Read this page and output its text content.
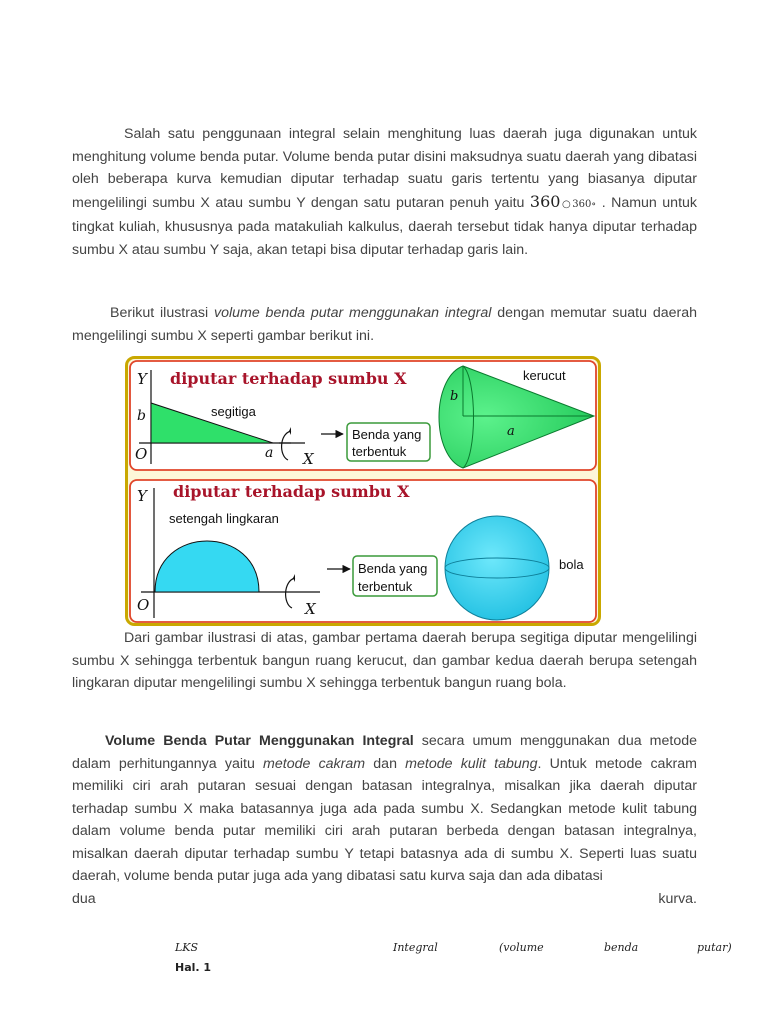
Salah satu penggunaan integral selain menghitung luas daerah juga digunakan untuk menghitung volume benda putar. Volume benda putar disini maksudnya suatu daerah yang dibatasi oleh beberapa kurva kemudian diputar terhadap suatu garis tertentu yang biasanya diputar mengelilingi sumbu X atau sumbu Y dengan satu putaran penuh yaitu 360○360∘ . Namun untuk tingkat kuliah, khususnya pada matakuliah kalkulus, daerah tersebut tidak hanya diputar terhadap sumbu X atau sumbu Y saja, akan tetapi bisa diputar terhadap garis lain.

Berikut ilustrasi volume benda putar menggunakan integral dengan memutar suatu daerah mengelilingi sumbu X seperti gambar berikut ini.

diputar terhadap sumbu X
Y
O
b	segitiga
a X
Benda yang
terbentuk
kerucut
b
a
diputar terhadap sumbu X
Y
O
setengah lingkaran
X
Benda yang
terbentuk
bola

Dari gambar ilustrasi di atas, gambar pertama daerah berupa segitiga diputar mengelilingi sumbu X sehingga terbentuk bangun ruang kerucut, dan gambar kedua daerah berupa setengah lingkaran diputar mengelilingi sumbu X sehingga terbentuk bangun ruang bola.

Volume Benda Putar Menggunakan Integral secara umum menggunakan dua metode dalam perhitungannya yaitu metode cakram dan metode kulit tabung. Untuk metode cakram memiliki ciri arah putaran sesuai dengan batasan integralnya, misalkan jika daerah diputar terhadap sumbu X maka batasannya juga ada pada sumbu X. Sedangkan metode kulit tabung dalam volume benda putar memiliki ciri arah putaran berbeda dengan batasan integralnya, misalkan daerah diputar terhadap sumbu Y tetapi batasnya ada di sumbu X. Seperti luas suatu daerah, volume benda putar juga ada yang dibatasi satu kurva saja dan ada dibatasi
dua	kurva.
LKS	Integral	(volume	benda	putar)
Hal. 1
